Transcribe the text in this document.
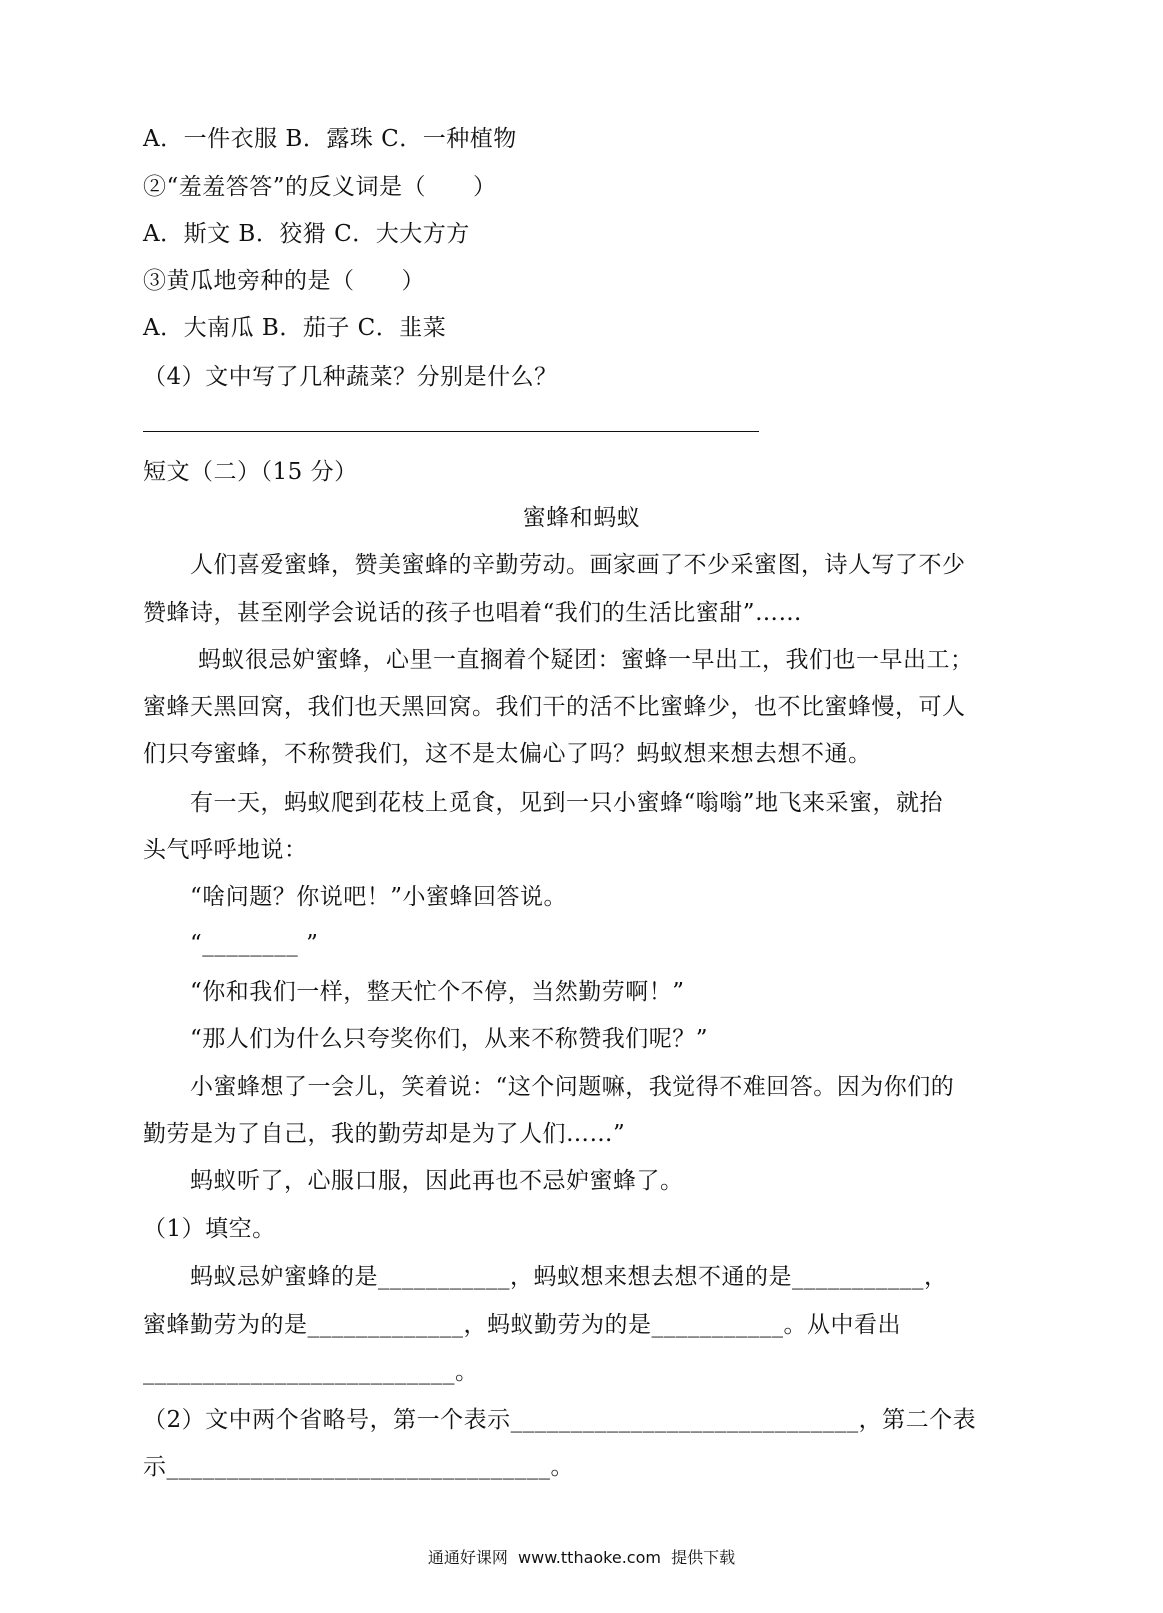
A．一件衣服 B．露珠 C．一种植物
②“羞羞答答”的反义词是（　　）
A．斯文 B．狡猾 C．大大方方
③黄瓜地旁种的是（　　）
A．大南瓜 B．茄子 C．韭菜
（4）文中写了几种蔬菜？分别是什么？
短文（二）（15 分）
蜜蜂和蚂蚁
人们喜爱蜜蜂，赞美蜜蜂的辛勤劳动。画家画了不少采蜜图，诗人写了不少
赞蜂诗，甚至刚学会说话的孩子也唱着“我们的生活比蜜甜”……
蚂蚁很忌妒蜜蜂，心里一直搁着个疑团：蜜蜂一早出工，我们也一早出工；
蜜蜂天黑回窝，我们也天黑回窝。我们干的活不比蜜蜂少，也不比蜜蜂慢，可人
们只夸蜜蜂，不称赞我们，这不是太偏心了吗？蚂蚁想来想去想不通。
有一天，蚂蚁爬到花枝上觅食，见到一只小蜜蜂“嗡嗡”地飞来采蜜，就抬
头气呼呼地说：
“啥问题？你说吧！”小蜜蜂回答说。
“________ ”
“你和我们一样，整天忙个不停，当然勤劳啊！”
“那人们为什么只夸奖你们，从来不称赞我们呢？”
小蜜蜂想了一会儿，笑着说：“这个问题嘛，我觉得不难回答。因为你们的
勤劳是为了自己，我的勤劳却是为了人们……”
蚂蚁听了，心服口服，因此再也不忌妒蜜蜂了。
（1）填空。
蚂蚁忌妒蜜蜂的是___________，蚂蚁想来想去想不通的是___________，
蜜蜂勤劳为的是_____________，蚂蚁勤劳为的是___________。从中看出
__________________________。
（2）文中两个省略号，第一个表示_____________________________，第二个表
示________________________________。
通通好课网  www.tthaoke.com  提供下载
